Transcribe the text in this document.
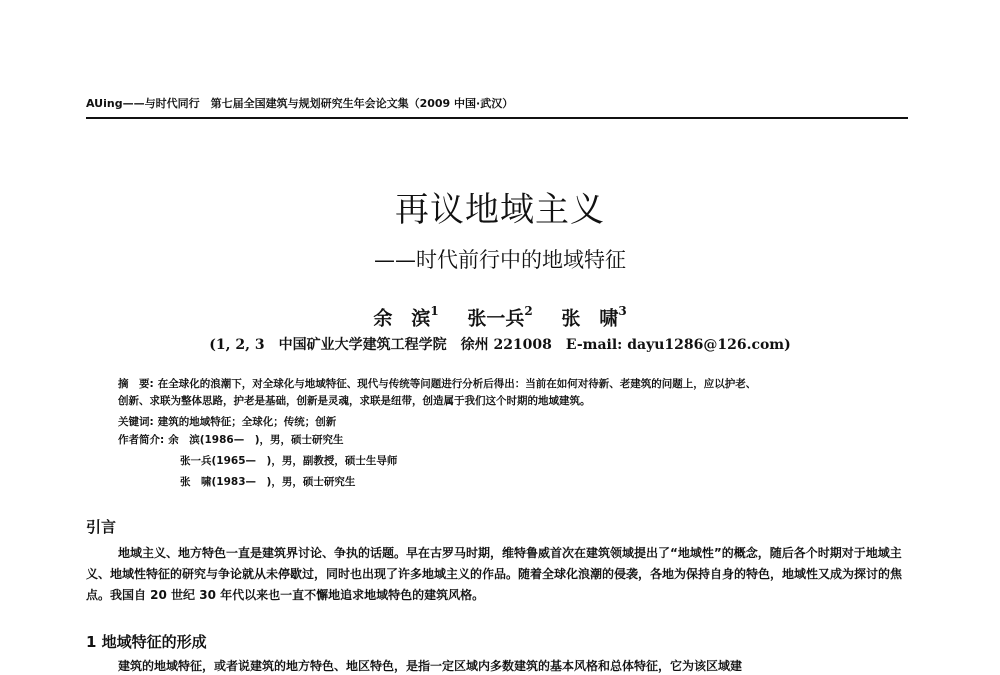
AUing——与时代同行　第七届全国建筑与规划研究生年会论文集（2009 中国·武汉）
再议地域主义
——时代前行中的地域特征
余　滨$^1$ 张一兵$^2$ 张　啸$^3$
(1, 2, 3　中国矿业大学建筑工程学院　徐州 221008　E-mail: dayu1286@126.com)
摘　要: 在全球化的浪潮下，对全球化与地域特征、现代与传统等问题进行分析后得出：当前在如何对待新、老建筑的问题上，应以护老、
创新、求联为整体思路，护老是基础，创新是灵魂，求联是纽带，创造属于我们这个时期的地域建筑。
关键词: 建筑的地域特征；全球化；传统；创新
作者简介: 余　滨(1986—　)，男，硕士研究生
张一兵(1965—　)，男，副教授，硕士生导师
张　啸(1983—　)，男，硕士研究生
引言

地域主义、地方特色一直是建筑界讨论、争执的话题。早在古罗马时期，维特鲁威首次在建筑领域提出了“地域性”的概念，随后各个时期对于地域主义、地域性特征的研究与争论就从未停歇过，同时也出现了许多地域主义的作品。随着全球化浪潮的侵袭，各地为保持自身的特色，地域性又成为探讨的焦点。我国自 20 世纪 30 年代以来也一直不懈地追求地域特色的建筑风格。

1 地域特征的形成

建筑的地域特征，或者说建筑的地方特色、地区特色，是指一定区域内多数建筑的基本风格和总体特征，它为该区域建
